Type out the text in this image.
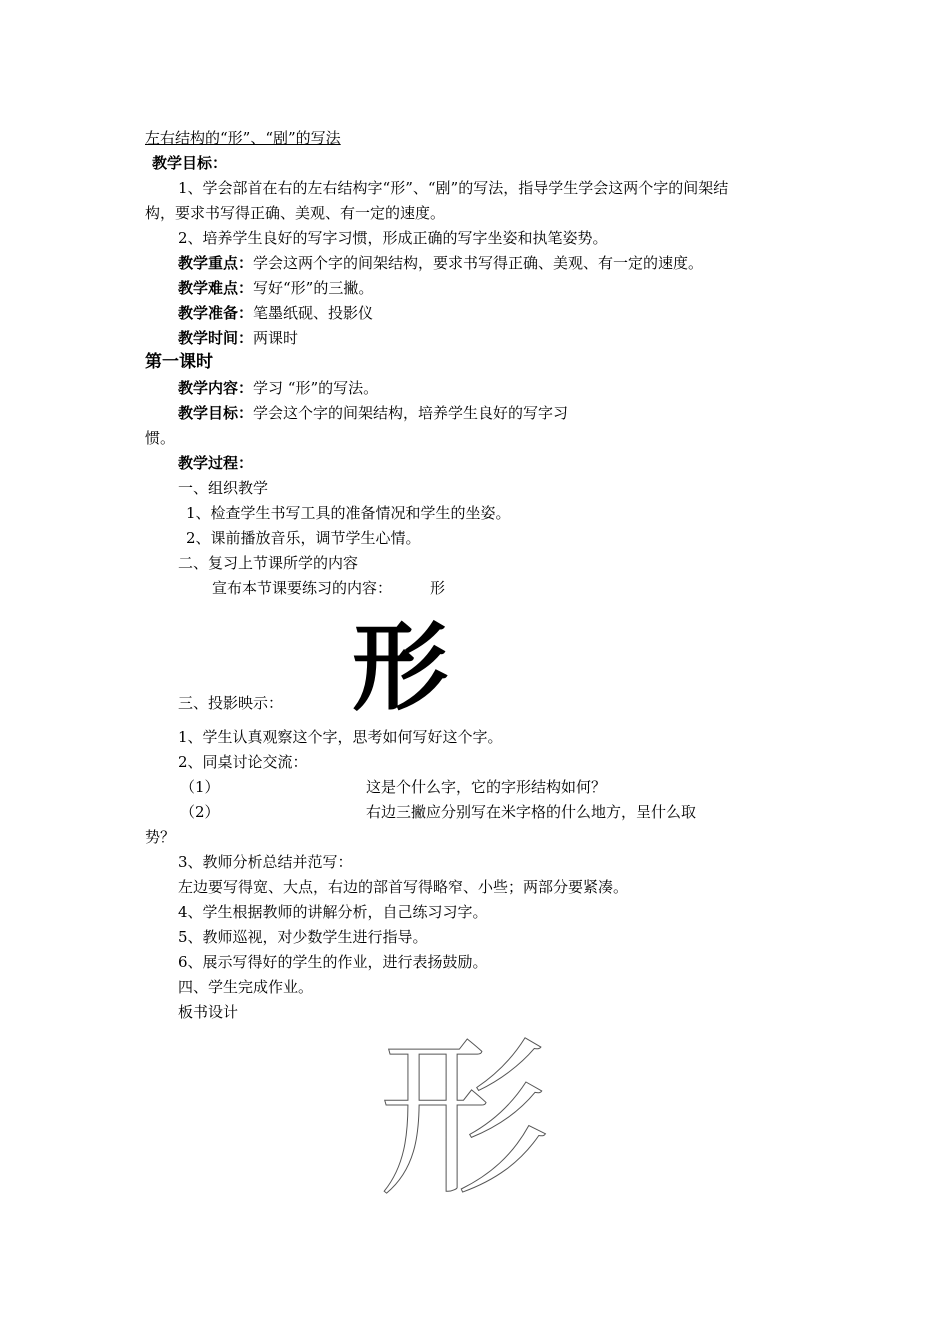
左右结构的“形”、“剧”的写法
教学目标：
1、学会部首在右的左右结构字“形”、“剧”的写法，指导学生学会这两个字的间架结
构，要求书写得正确、美观、有一定的速度。
2、培养学生良好的写字习惯，形成正确的写字坐姿和执笔姿势。
教学重点：学会这两个字的间架结构，要求书写得正确、美观、有一定的速度。
教学难点：写好“形”的三撇。
教学准备：笔墨纸砚、投影仪
教学时间：两课时
第一课时
教学内容：学习 “形”的写法。
教学目标：学会这个字的间架结构，培养学生良好的写字习
惯。
教学过程：
一、组织教学
1、检查学生书写工具的准备情况和学生的坐姿。
2、课前播放音乐，调节学生心情。
二、复习上节课所学的内容
宣布本节课要练习的内容：	形
形
三、投影映示：
1、学生认真观察这个字，思考如何写好这个字。
2、同桌讨论交流：
（1）	这是个什么字，它的字形结构如何？
（2）	右边三撇应分别写在米字格的什么地方，呈什么取
势？
3、教师分析总结并范写：
左边要写得宽、大点，右边的部首写得略窄、小些；两部分要紧凑。
4、学生根据教师的讲解分析，自己练习习字。
5、教师巡视，对少数学生进行指导。
6、展示写得好的学生的作业，进行表扬鼓励。
四、学生完成作业。
板书设计
形
